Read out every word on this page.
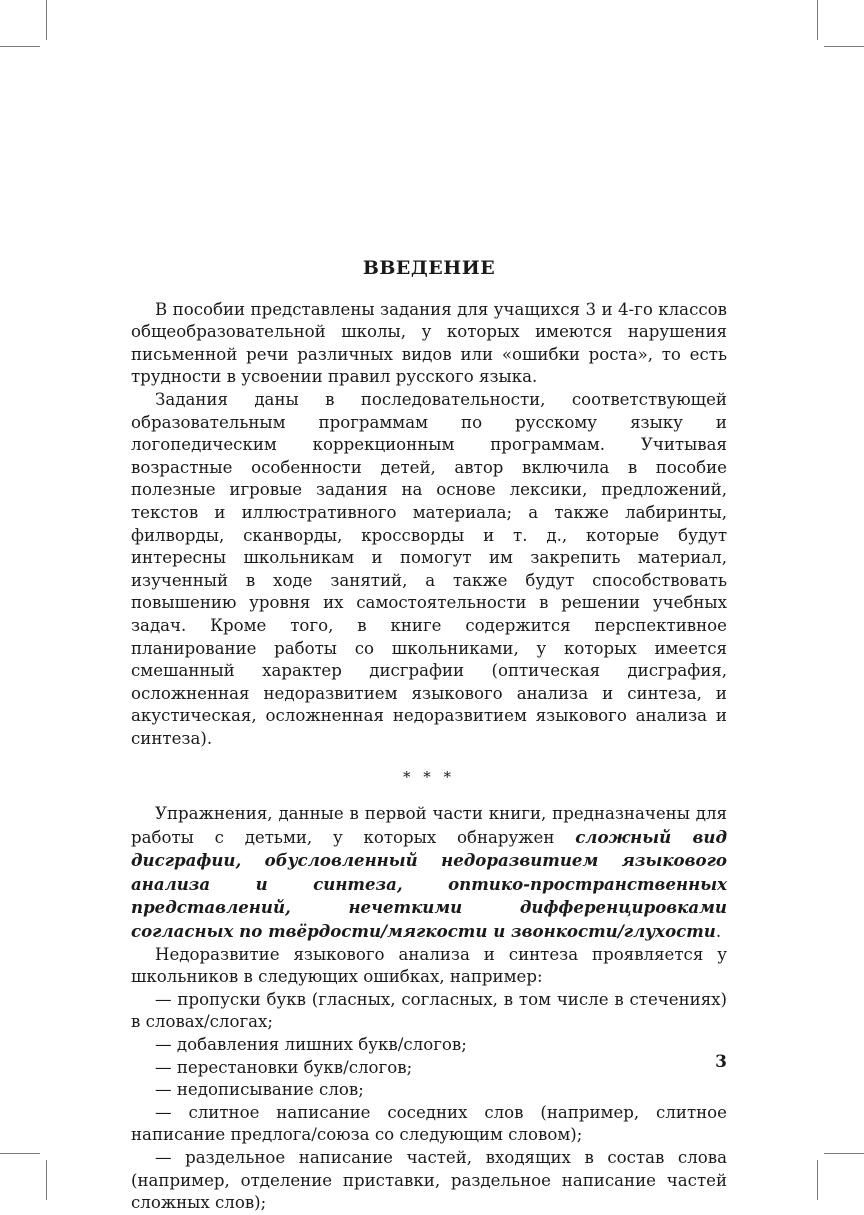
ВВЕДЕНИЕ

В пособии представлены задания для учащихся 3 и 4-го классов общеобразовательной школы, у которых имеются нарушения письменной речи различных видов или «ошибки роста», то есть трудности в усвоении правил русского языка.

Задания даны в последовательности, соответствующей образовательным программам по русскому языку и логопедическим коррекционным программам. Учитывая возрастные особенности детей, автор включила в пособие полезные игровые задания на основе лексики, предложений, текстов и иллюстративного материала; а также лабиринты, филворды, сканворды, кроссворды и т. д., которые будут интересны школьникам и помогут им закрепить материал, изученный в ходе занятий, а также будут способствовать повышению уровня их самостоятельности в решении учебных задач. Кроме того, в книге содержится перспективное планирование работы со школьниками, у которых имеется смешанный характер дисграфии (оптическая дисграфия, осложненная недоразвитием языкового анализа и синтеза, и акустическая, осложненная недоразвитием языкового анализа и синтеза).

* * *

Упражнения, данные в первой части книги, предназначены для работы с детьми, у которых обнаружен сложный вид дисграфии, обусловленный недоразвитием языкового анализа и синтеза, оптико-пространственных представлений, нечеткими дифференцировками согласных по твёрдости/мягкости и звонкости/глухости.

Недоразвитие языкового анализа и синтеза проявляется у школьников в следующих ошибках, например:

— пропуски букв (гласных, согласных, в том числе в стечениях) в словах/слогах;

— добавления лишних букв/слогов;

— перестановки букв/слогов;

— недописывание слов;

— слитное написание соседних слов (например, слитное написание предлога/союза со следующим словом);

— раздельное написание частей, входящих в состав слова (например, отделение приставки, раздельное написание частей сложных слов);

3
